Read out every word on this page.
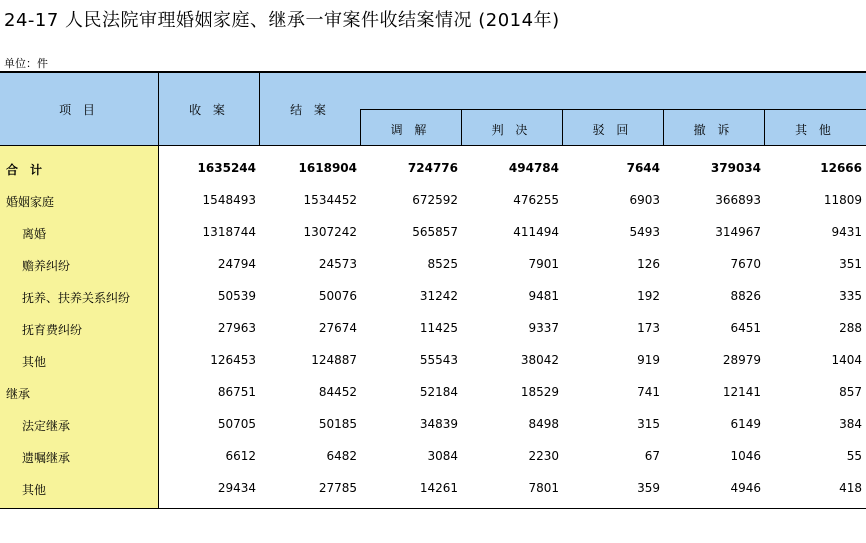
24-17 人民法院审理婚姻家庭、继承一审案件收结案情况 (2014年)
单位：件
项 目	收 案	结 案
调 解	判 决	驳 回	撤 诉	其 他
合　计	1635244	1618904	724776	494784	7644	379034	12666
婚姻家庭	1548493	1534452	672592	476255	6903	366893	11809
离婚	1318744	1307242	565857	411494	5493	314967	9431
赡养纠纷	24794	24573	8525	7901	126	7670	351
抚养、扶养关系纠纷	50539	50076	31242	9481	192	8826	335
抚育费纠纷	27963	27674	11425	9337	173	6451	288
其他	126453	124887	55543	38042	919	28979	1404
继承	86751	84452	52184	18529	741	12141	857
法定继承	50705	50185	34839	8498	315	6149	384
遗嘱继承	6612	6482	3084	2230	67	1046	55
其他	29434	27785	14261	7801	359	4946	418
